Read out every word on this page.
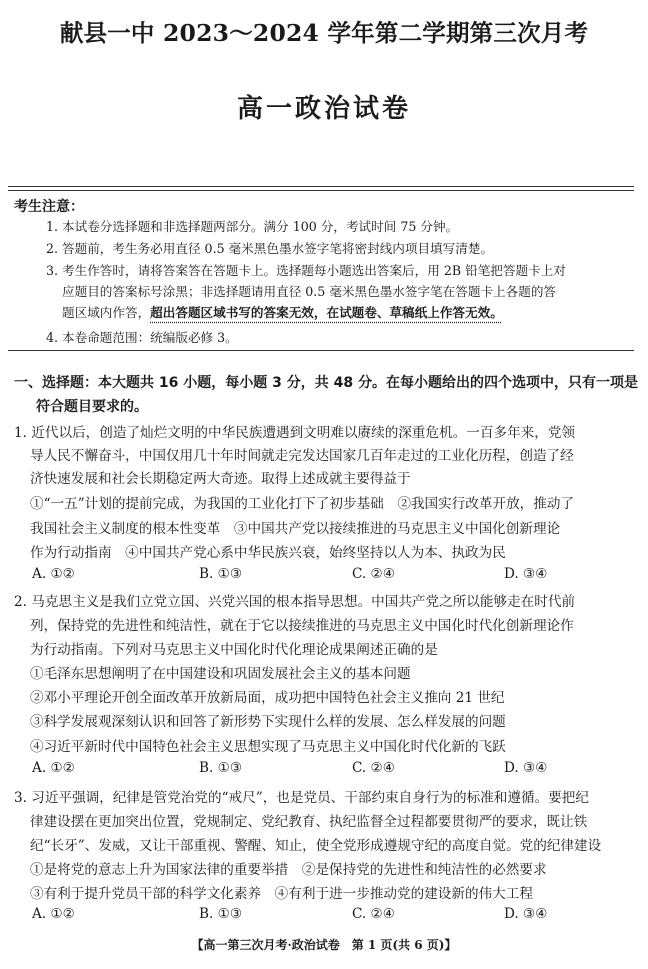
献县一中 2023～2024 学年第二学期第三次月考
高一政治试卷
考生注意：
1. 本试卷分选择题和非选择题两部分。满分 100 分，考试时间 75 分钟。
2. 答题前，考生务必用直径 0.5 毫米黑色墨水签字笔将密封线内项目填写清楚。
3. 考生作答时，请将答案答在答题卡上。选择题每小题选出答案后，用 2B 铅笔把答题卡上对
应题目的答案标号涂黑；非选择题请用直径 0.5 毫米黑色墨水签字笔在答题卡上各题的答
题区域内作答，超出答题区域书写的答案无效，在试题卷、草稿纸上作答无效。
4. 本卷命题范围：统编版必修 3。
一、选择题：本大题共 16 小题，每小题 3 分，共 48 分。在每小题给出的四个选项中，只有一项是
符合题目要求的。
1. 近代以后，创造了灿烂文明的中华民族遭遇到文明难以赓续的深重危机。一百多年来，党领
导人民不懈奋斗，中国仅用几十年时间就走完发达国家几百年走过的工业化历程，创造了经
济快速发展和社会长期稳定两大奇迹。取得上述成就主要得益于
①“一五”计划的提前完成，为我国的工业化打下了初步基础　②我国实行改革开放，推动了
我国社会主义制度的根本性变革　③中国共产党以接续推进的马克思主义中国化创新理论
作为行动指南　④中国共产党心系中华民族兴衰，始终坚持以人为本、执政为民
A. ①②	B. ①③	C. ②④	D. ③④
2. 马克思主义是我们立党立国、兴党兴国的根本指导思想。中国共产党之所以能够走在时代前
列，保持党的先进性和纯洁性，就在于它以接续推进的马克思主义中国化时代化创新理论作
为行动指南。下列对马克思主义中国化时代化理论成果阐述正确的是
①毛泽东思想阐明了在中国建设和巩固发展社会主义的基本问题
②邓小平理论开创全面改革开放新局面，成功把中国特色社会主义推向 21 世纪
③科学发展观深刻认识和回答了新形势下实现什么样的发展、怎么样发展的问题
④习近平新时代中国特色社会主义思想实现了马克思主义中国化时代化新的飞跃
A. ①②	B. ①③	C. ②④	D. ③④
3. 习近平强调，纪律是管党治党的“戒尺”，也是党员、干部约束自身行为的标准和遵循。要把纪
律建设摆在更加突出位置，党规制定、党纪教育、执纪监督全过程都要贯彻严的要求，既让铁
纪“长牙”、发威，又让干部重视、警醒、知止，使全党形成遵规守纪的高度自觉。党的纪律建设
①是将党的意志上升为国家法律的重要举措　②是保持党的先进性和纯洁性的必然要求
③有利于提升党员干部的科学文化素养　④有利于进一步推动党的建设新的伟大工程
A. ①②	B. ①③	C. ②④	D. ③④
【高一第三次月考·政治试卷　第 1 页(共 6 页)】
